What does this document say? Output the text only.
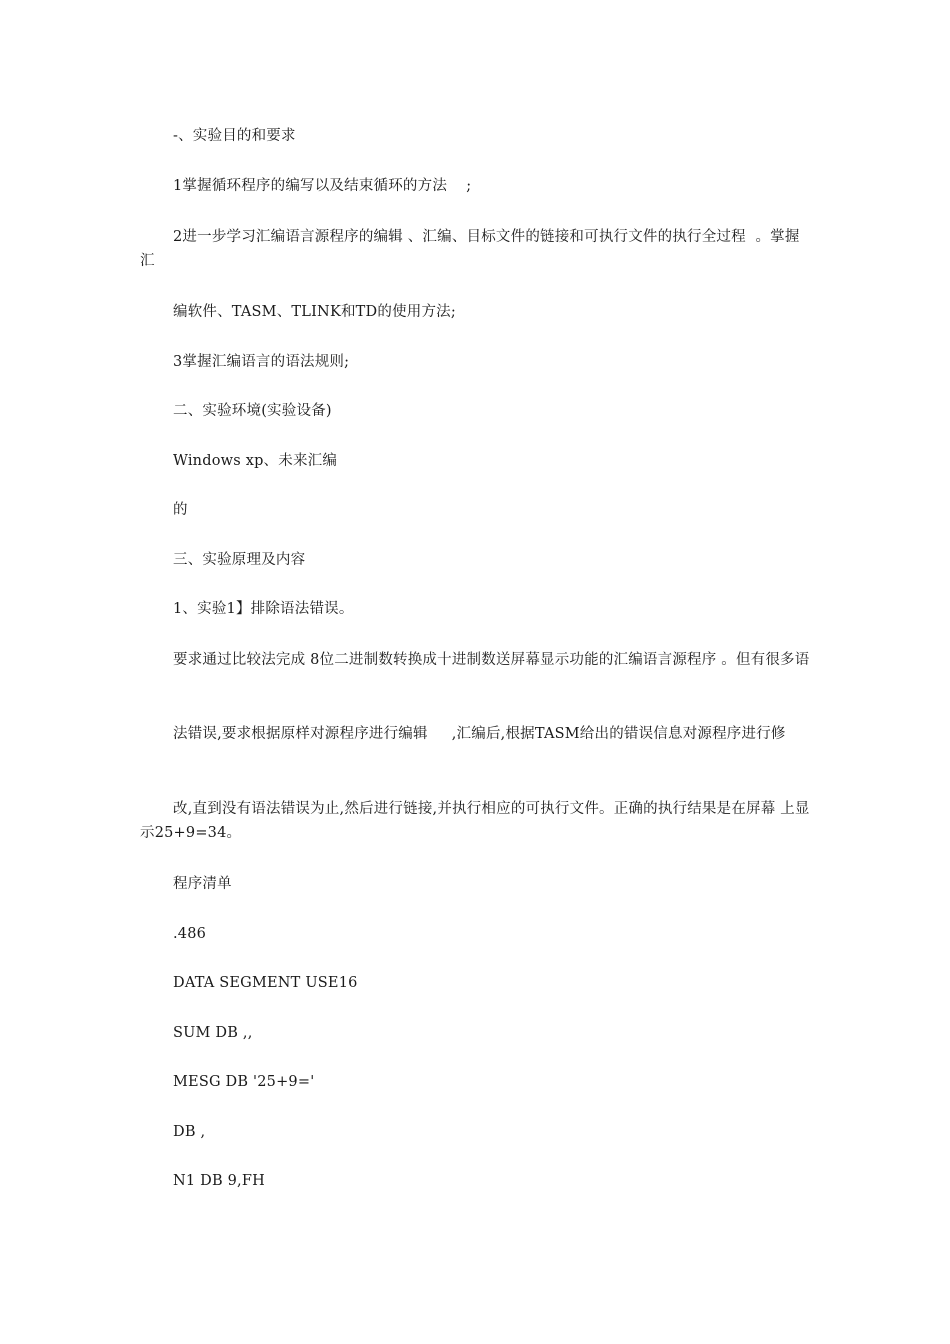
-、实验目的和要求
1掌握循环程序的编写以及结束循环的方法    ;
2进一步学习汇编语言源程序的编辑 、汇编、目标文件的链接和可执行文件的执行全过程  。掌握汇
编软件、TASM、TLINK和TD的使用方法;
3掌握汇编语言的语法规则;
二、实验环境(实验设备)
Windows xp、未来汇编
的
三、实验原理及内容
1、实验1】排除语法错误。
要求通过比较法完成 8位二进制数转换成十进制数送屏幕显示功能的汇编语言源程序 。但有很多语
法错误,要求根据原样对源程序进行编辑     ,汇编后,根据TASM给出的错误信息对源程序进行修
改,直到没有语法错误为止,然后进行链接,并执行相应的可执行文件。正确的执行结果是在屏幕 上显示25+9=34。
程序清单
.486
DATA SEGMENT USE16
SUM DB ,,
MESG DB '25+9='
DB ,
N1 DB 9,FH
